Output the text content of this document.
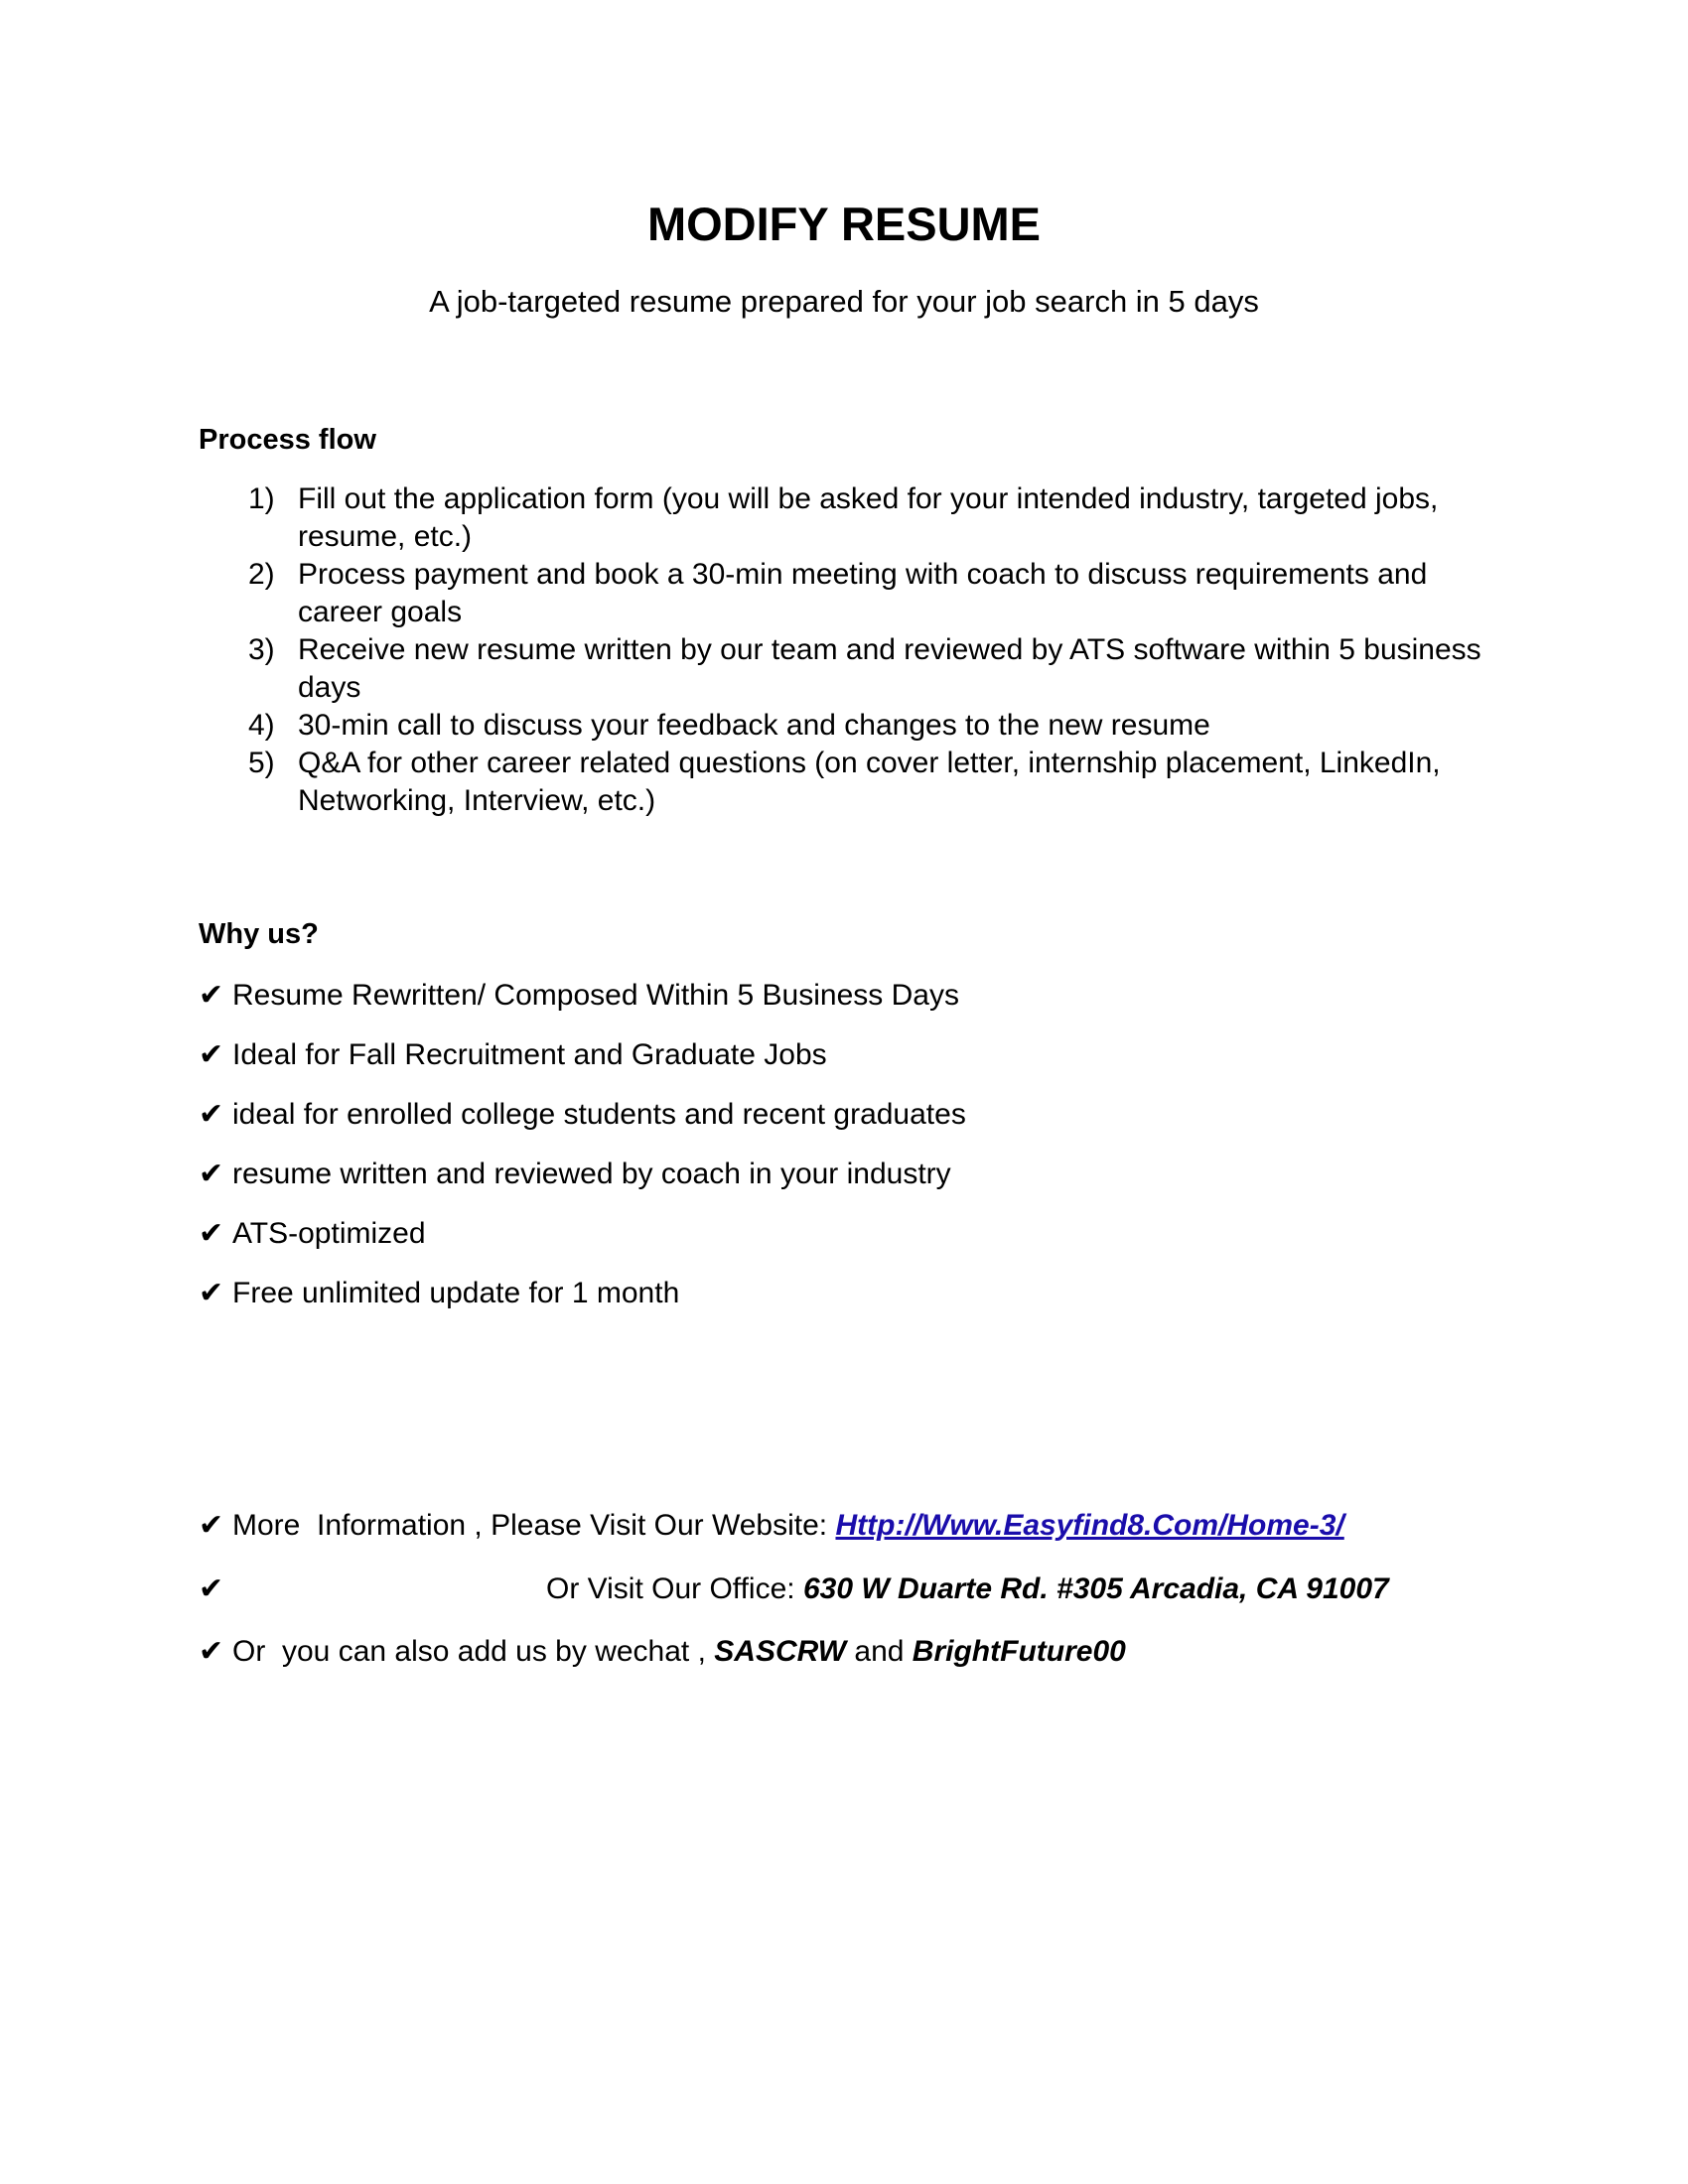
MODIFY RESUME
A job-targeted resume prepared for your job search in 5 days
Process flow
1) Fill out the application form (you will be asked for your intended industry, targeted jobs, resume, etc.)
2) Process payment and book a 30-min meeting with coach to discuss requirements and career goals
3) Receive new resume written by our team and reviewed by ATS software within 5 business days
4) 30-min call to discuss your feedback and changes to the new resume
5) Q&A for other career related questions (on cover letter, internship placement, LinkedIn, Networking, Interview, etc.)
Why us?
✔ Resume Rewritten/ Composed Within 5 Business Days
✔ Ideal for Fall Recruitment and Graduate Jobs
✔ ideal for enrolled college students and recent graduates
✔ resume written and reviewed by coach in your industry
✔ ATS-optimized
✔ Free unlimited update for 1 month
✔ More  Information , Please Visit Our Website: Http://Www.Easyfind8.Com/Home-3/
✔	Or Visit Our Office: 630 W Duarte Rd. #305 Arcadia, CA 91007
✔ Or  you can also add us by wechat , SASCRW and BrightFuture00
